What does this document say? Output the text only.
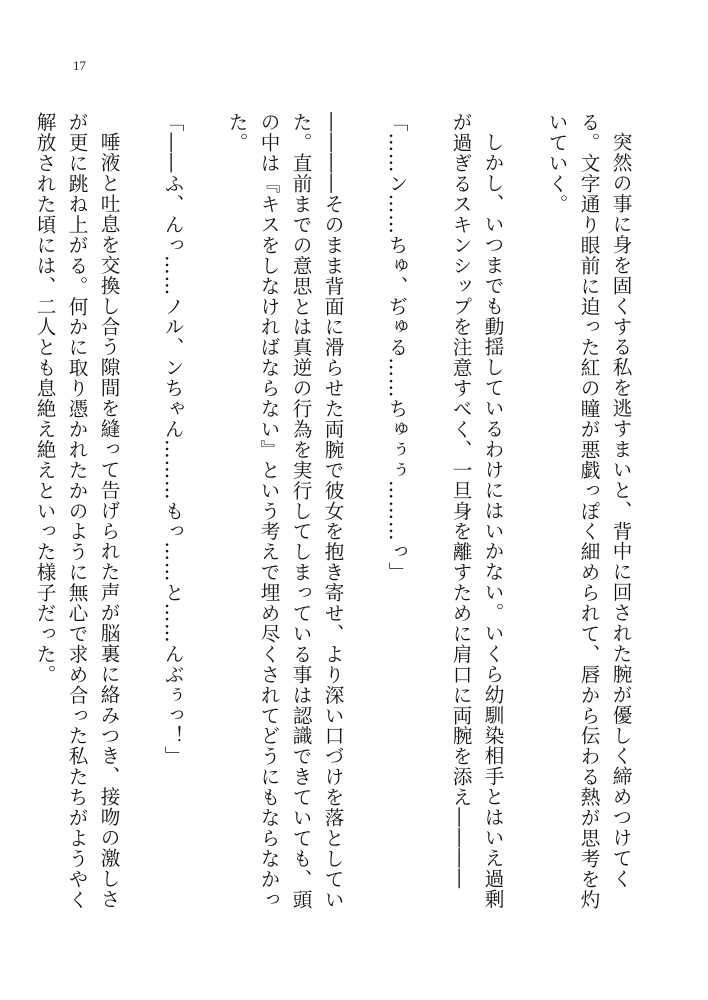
17

突然の事に身を固くする私を逃すまいと、背中に回された腕が優しく締めつけてくる。文字通り眼前に迫った紅の瞳が悪戯っぽく細められて、唇から伝わる熱が思考を灼いていく。

しかし、いつまでも動揺しているわけにはいかない。いくら幼馴染相手とはいえ過剰が過ぎるスキンシップを注意すべく、一旦身を離すために肩口に両腕を添え――――

「……ン……ちゅ、ぢゅる……ちゅぅぅ………っ」

――――そのまま背面に滑らせた両腕で彼女を抱き寄せ、より深い口づけを落としていた。直前までの意思とは真逆の行為を実行してしまっている事は認識できていても、頭の中は『キスをしなければならない』という考えで埋め尽くされてどうにもならなかった。

「――ふ、んっ……ノル、ンちゃん………もっ……と……んぶぅっ！」

唾液と吐息を交換し合う隙間を縫って告げられた声が脳裏に絡みつき、接吻の激しさが更に跳ね上がる。何かに取り憑かれたかのように無心で求め合った私たちがようやく解放された頃には、二人とも息絶え絶えといった様子だった。
